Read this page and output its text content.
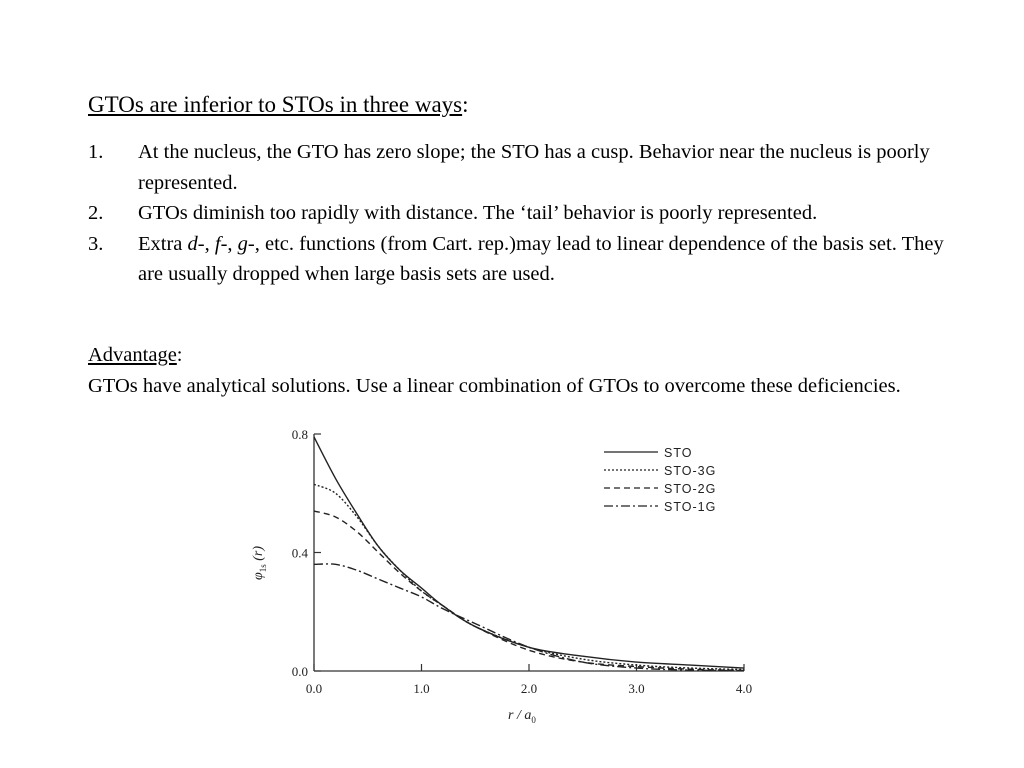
GTOs are inferior to STOs in three ways:
1. At the nucleus, the GTO has zero slope; the STO has a cusp. Behavior near the nucleus is poorly represented.
2. GTOs diminish too rapidly with distance. The ‘tail’ behavior is poorly represented.
3. Extra d-, f-, g-, etc. functions (from Cart. rep.)may lead to linear dependence of the basis set. They are usually dropped when large basis sets are used.
Advantage:
GTOs have analytical solutions. Use a linear combination of GTOs to overcome these deficiencies.
0.0	1.0	2.0	3.0	4.0
0.0
0.4
0.8
STO
STO-3G
STO-2G
STO-1G
$\varphi_{1s}$ (r)
r / $a_0$
